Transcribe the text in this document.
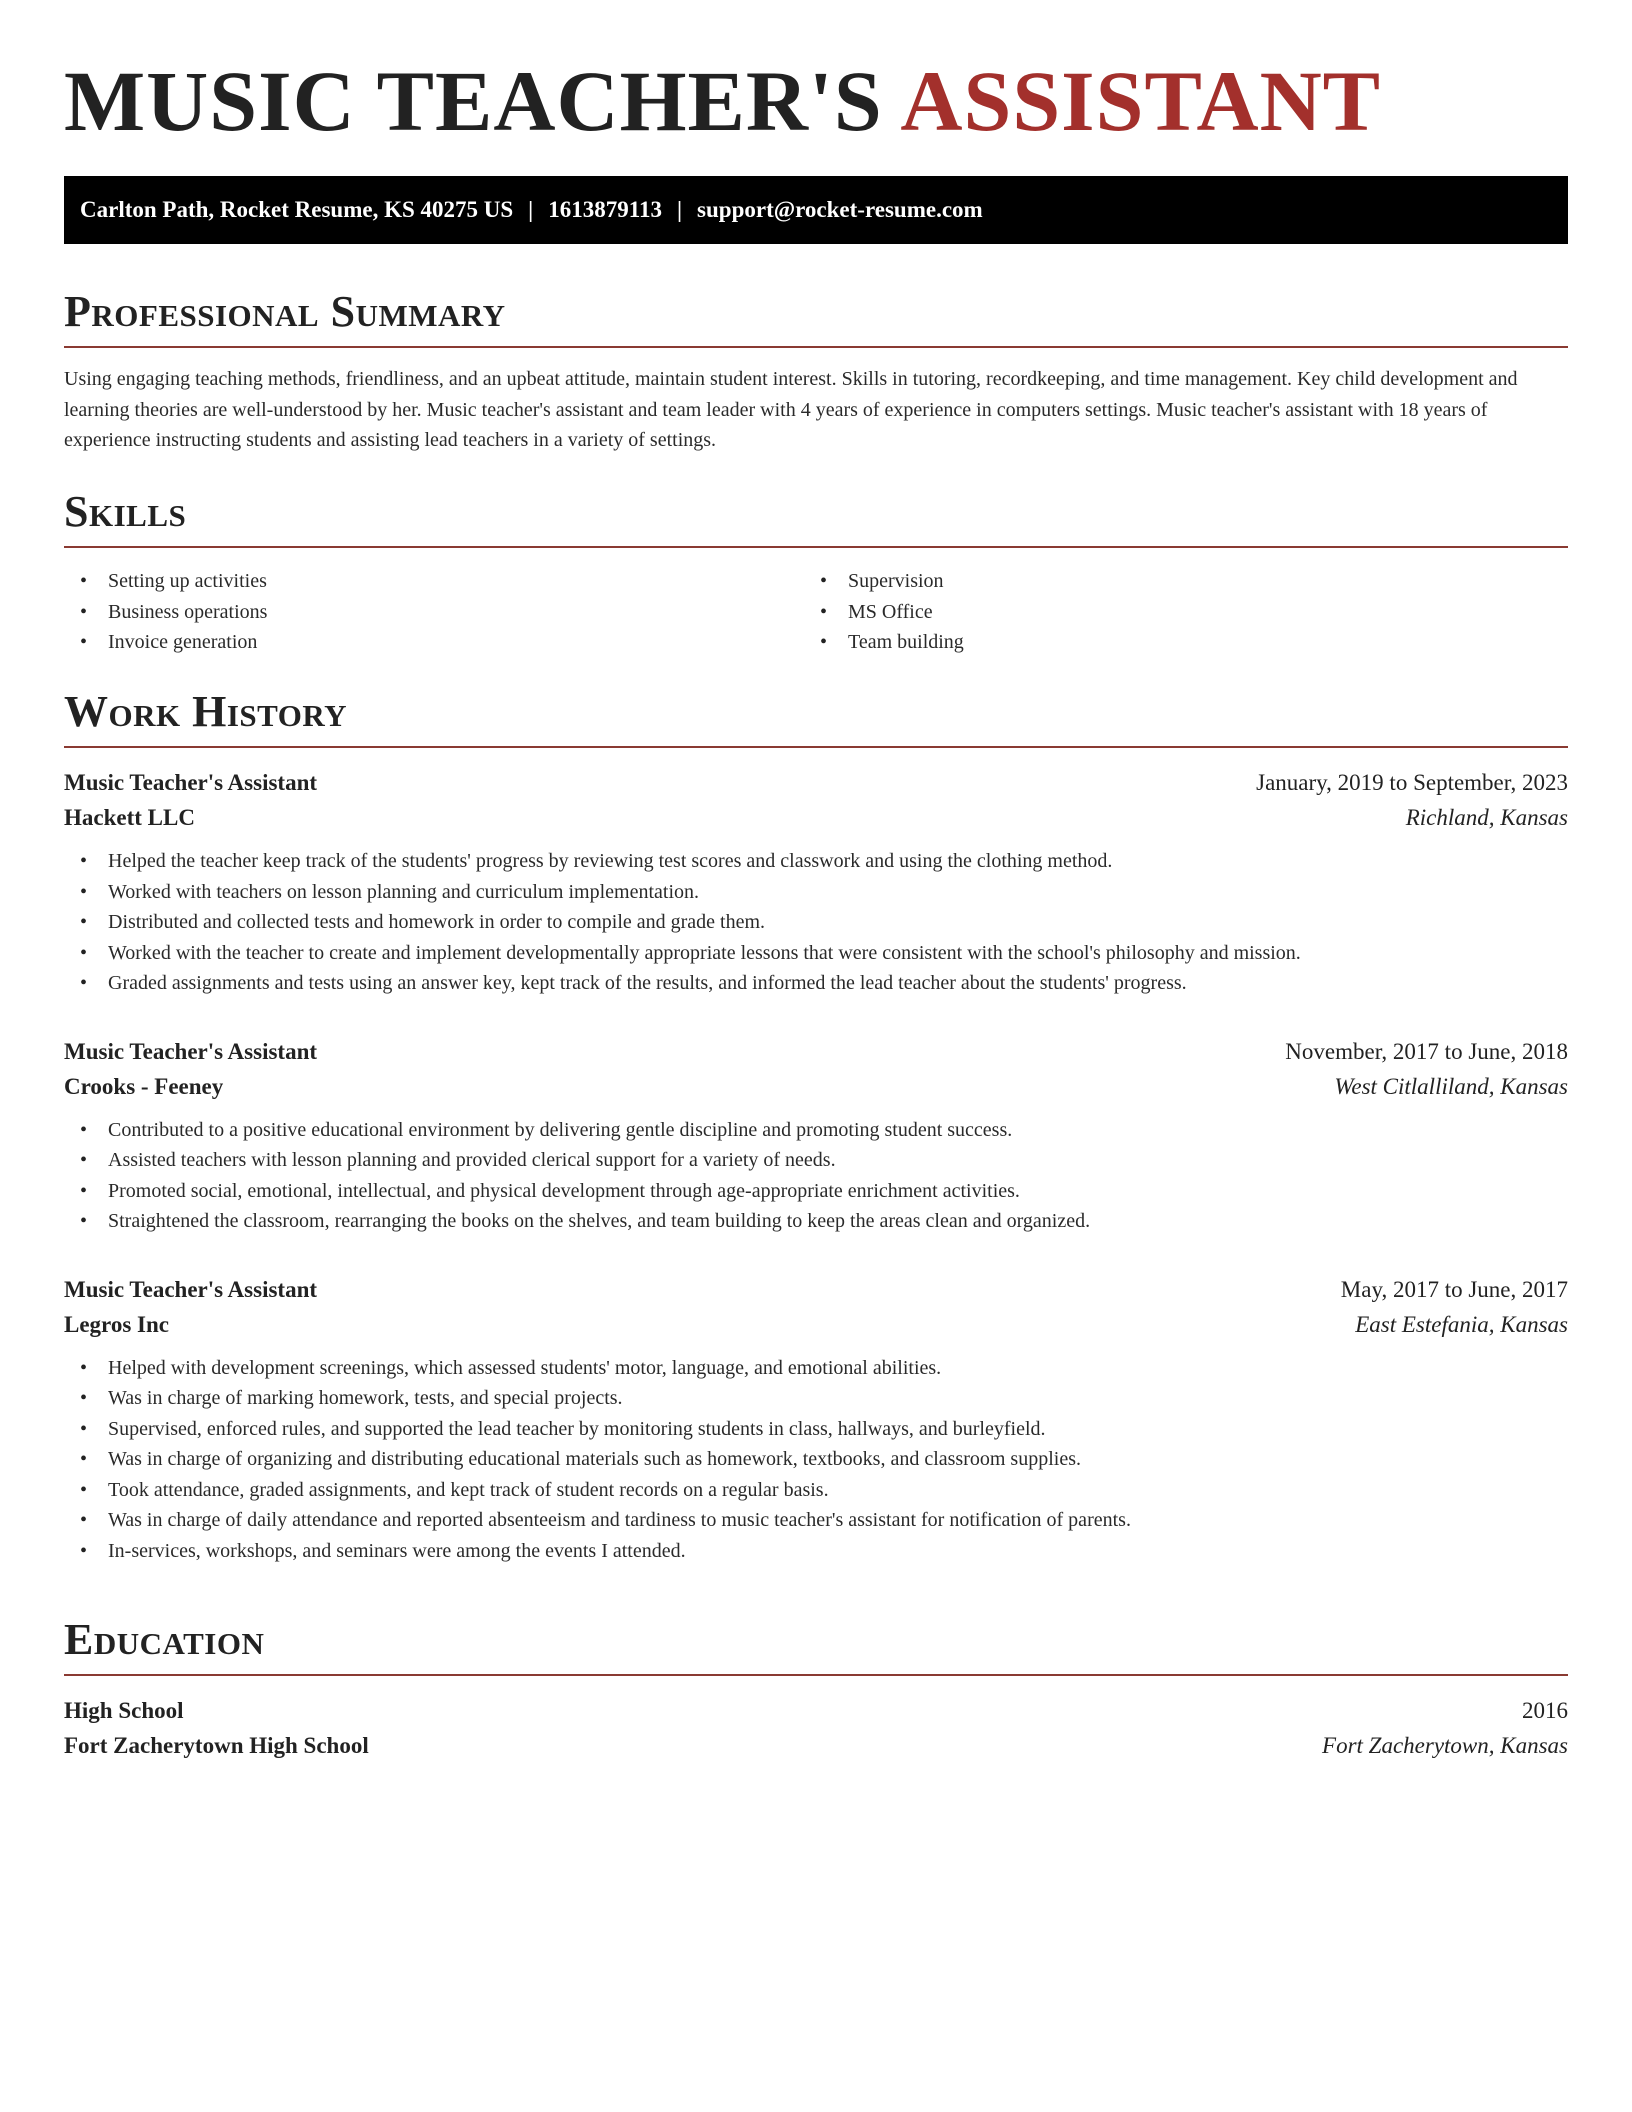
MUSIC TEACHER'S ASSISTANT
Carlton Path, Rocket Resume, KS 40275 US | 1613879113 | support@rocket-resume.com
Professional Summary

Using engaging teaching methods, friendliness, and an upbeat attitude, maintain student interest. Skills in tutoring, recordkeeping, and time management. Key child development and learning theories are well-understood by her. Music teacher's assistant and team leader with 4 years of experience in computers settings. Music teacher's assistant with 18 years of experience instructing students and assisting lead teachers in a variety of settings.

Skills
• Setting up activities
• Business operations
• Invoice generation
• Supervision
• MS Office
• Team building
Work History
Music Teacher's Assistant	January, 2019 to September, 2023
Hackett LLC	Richland, Kansas
• Helped the teacher keep track of the students' progress by reviewing test scores and classwork and using the clothing method.
• Worked with teachers on lesson planning and curriculum implementation.
• Distributed and collected tests and homework in order to compile and grade them.
• Worked with the teacher to create and implement developmentally appropriate lessons that were consistent with the school's philosophy and mission.
• Graded assignments and tests using an answer key, kept track of the results, and informed the lead teacher about the students' progress.
Music Teacher's Assistant	November, 2017 to June, 2018
Crooks - Feeney	West Citlalliland, Kansas
• Contributed to a positive educational environment by delivering gentle discipline and promoting student success.
• Assisted teachers with lesson planning and provided clerical support for a variety of needs.
• Promoted social, emotional, intellectual, and physical development through age-appropriate enrichment activities.
• Straightened the classroom, rearranging the books on the shelves, and team building to keep the areas clean and organized.
Music Teacher's Assistant	May, 2017 to June, 2017
Legros Inc	East Estefania, Kansas
• Helped with development screenings, which assessed students' motor, language, and emotional abilities.
• Was in charge of marking homework, tests, and special projects.
• Supervised, enforced rules, and supported the lead teacher by monitoring students in class, hallways, and burleyfield.
• Was in charge of organizing and distributing educational materials such as homework, textbooks, and classroom supplies.
• Took attendance, graded assignments, and kept track of student records on a regular basis.
• Was in charge of daily attendance and reported absenteeism and tardiness to music teacher's assistant for notification of parents.
• In-services, workshops, and seminars were among the events I attended.
Education
High School	2016
Fort Zacherytown High School	Fort Zacherytown, Kansas
